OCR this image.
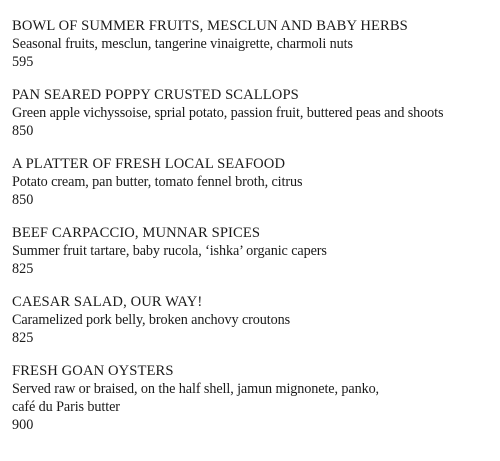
BOWL OF SUMMER FRUITS, MESCLUN AND BABY HERBS
Seasonal fruits, mesclun, tangerine vinaigrette, charmoli nuts
595
PAN SEARED POPPY CRUSTED SCALLOPS
Green apple vichyssoise, sprial potato, passion fruit, buttered peas and shoots
850
A PLATTER OF FRESH LOCAL SEAFOOD
Potato cream, pan butter, tomato fennel broth, citrus
850
BEEF CARPACCIO, MUNNAR SPICES
Summer fruit tartare, baby rucola, ‘ishka’ organic capers
825
CAESAR SALAD, OUR WAY!
Caramelized pork belly, broken anchovy croutons
825
FRESH GOAN OYSTERS
Served raw or braised, on the half shell, jamun mignonete, panko,
café du Paris butter
900
